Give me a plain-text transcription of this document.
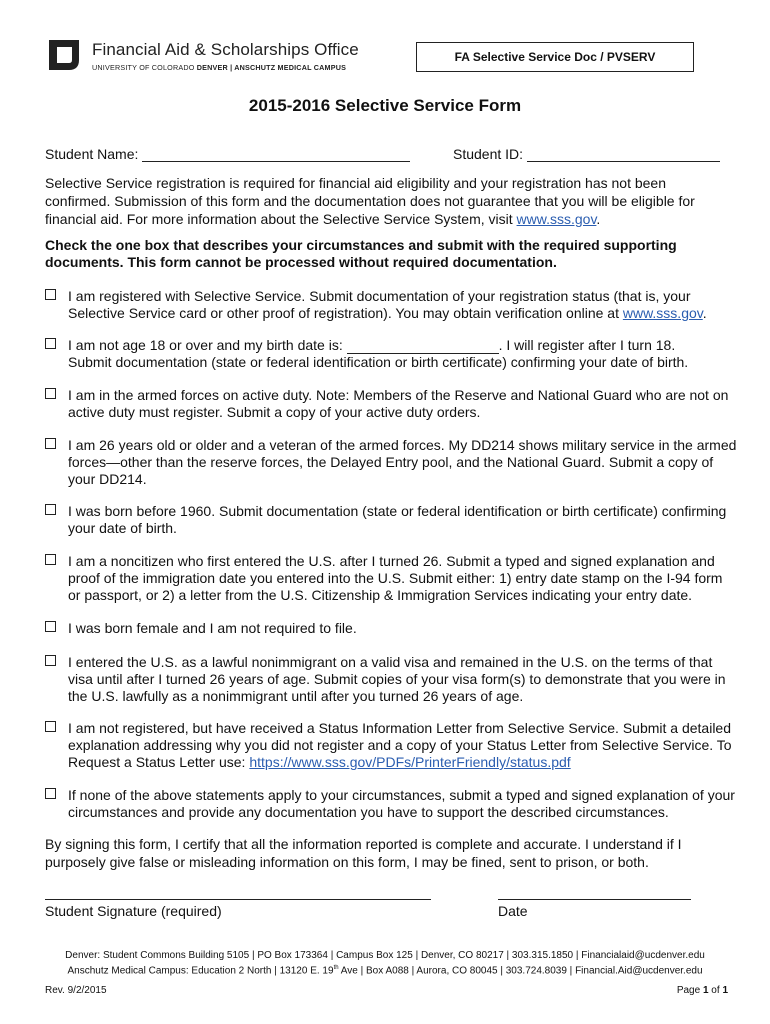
Financial Aid & Scholarships Office
UNIVERSITY OF COLORADO DENVER | ANSCHUTZ MEDICAL CAMPUS
FA Selective Service Doc / PVSERV
2015-2016 Selective Service Form
Student Name:	Student ID:
Selective Service registration is required for financial aid eligibility and your registration has not been confirmed. Submission of this form and the documentation does not guarantee that you will be eligible for financial aid. For more information about the Selective Service System, visit www.sss.gov.
Check the one box that describes your circumstances and submit with the required supporting documents. This form cannot be processed without required documentation.
I am registered with Selective Service. Submit documentation of your registration status (that is, your Selective Service card or other proof of registration). You may obtain verification online at www.sss.gov.
I am not age 18 or over and my birth date is:	. I will register after I turn 18.
Submit documentation (state or federal identification or birth certificate) confirming your date of birth.
I am in the armed forces on active duty. Note: Members of the Reserve and National Guard who are not on active duty must register. Submit a copy of your active duty orders.
I am 26 years old or older and a veteran of the armed forces. My DD214 shows military service in the armed forces—other than the reserve forces, the Delayed Entry pool, and the National Guard. Submit a copy of your DD214.
I was born before 1960. Submit documentation (state or federal identification or birth certificate) confirming your date of birth.
I am a noncitizen who first entered the U.S. after I turned 26. Submit a typed and signed explanation and proof of the immigration date you entered into the U.S. Submit either: 1) entry date stamp on the I-94 form or passport, or 2) a letter from the U.S. Citizenship & Immigration Services indicating your entry date.
I was born female and I am not required to file.
I entered the U.S. as a lawful nonimmigrant on a valid visa and remained in the U.S. on the terms of that visa until after I turned 26 years of age. Submit copies of your visa form(s) to demonstrate that you were in the U.S. lawfully as a nonimmigrant until after you turned 26 years of age.
I am not registered, but have received a Status Information Letter from Selective Service. Submit a detailed explanation addressing why you did not register and a copy of your Status Letter from Selective Service. To Request a Status Letter use: https://www.sss.gov/PDFs/PrinterFriendly/status.pdf
If none of the above statements apply to your circumstances, submit a typed and signed explanation of your circumstances and provide any documentation you have to support the described circumstances.
By signing this form, I certify that all the information reported is complete and accurate. I understand if I purposely give false or misleading information on this form, I may be fined, sent to prison, or both.
Student Signature (required)	Date
Denver: Student Commons Building 5105 | PO Box 173364 | Campus Box 125 | Denver, CO 80217 | 303.315.1850 | Financialaid@ucdenver.edu
Anschutz Medical Campus: Education 2 North | 13120 E. 19th Ave | Box A088 | Aurora, CO 80045 | 303.724.8039 | Financial.Aid@ucdenver.edu
Rev. 9/2/2015	Page 1 of 1
